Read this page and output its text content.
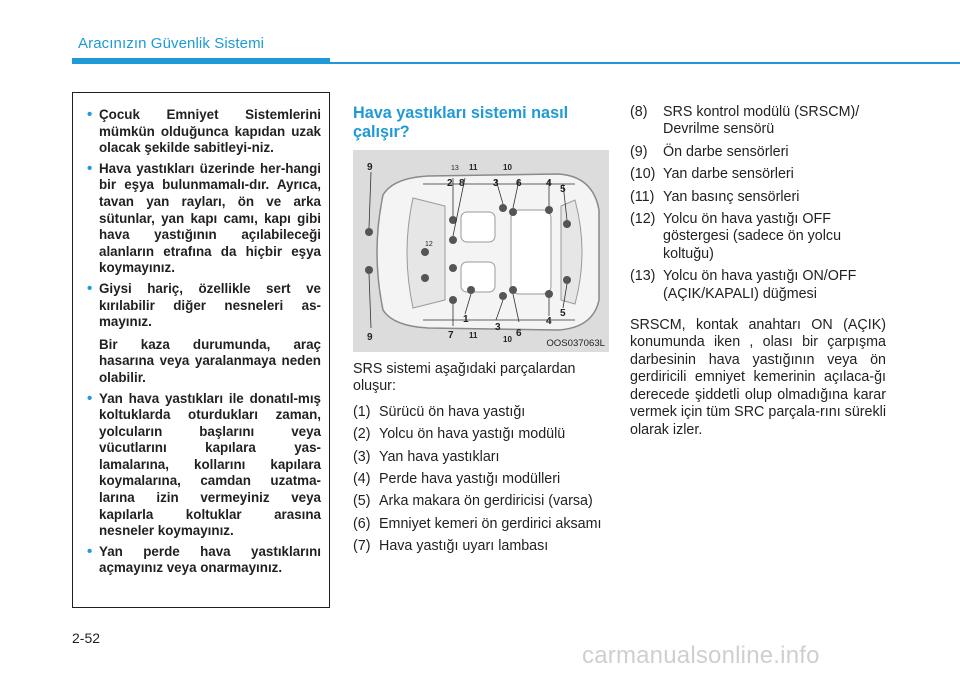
Aracınızın Güvenlik Sistemi
• Çocuk Emniyet Sistemlerini mümkün olduğunca kapıdan uzak olacak şekilde sabitleyi-niz.
• Hava yastıkları üzerinde her-hangi bir eşya bulunmamalı-dır. Ayrıca, tavan yan rayları, ön ve arka sütunlar, yan kapı camı, kapı gibi hava yastığının açılabileceği alanların etrafına da hiçbir eşya koymayınız.
• Giysi hariç, özellikle sert ve kırılabilir diğer nesneleri as-mayınız.
Bir kaza durumunda, araç hasarına veya yaralanmaya neden olabilir.
• Yan hava yastıkları ile donatıl-mış koltuklarda oturdukları zaman, yolcuların başlarını veya vücutlarını kapılara yas-lamalarına, kollarını kapılara koymalarına, camdan uzatma-larına izin vermeyiniz veya kapılarla koltuklar arasına nesneler koymayınız.
• Yan perde hava yastıklarını açmayınız veya onarmayınız.
Hava yastıkları sistemi nasıl çalışır?
9	13 11	10
2 8	3 6 4
5
12
1
7 11
3
10
6
4
5
9
OOS037063L

SRS sistemi aşağıdaki parçalardan oluşur:

(1) Sürücü ön hava yastığı
(2) Yolcu ön hava yastığı modülü
(3) Yan hava yastıkları
(4) Perde hava yastığı modülleri
(5) Arka makara ön gerdiricisi (varsa)
(6) Emniyet kemeri ön gerdirici aksamı
(7) Hava yastığı uyarı lambası
(8) SRS kontrol modülü (SRSCM)/ Devrilme sensörü
(9) Ön darbe sensörleri
(10) Yan darbe sensörleri
(11) Yan basınç sensörleri
(12) Yolcu ön hava yastığı OFF göstergesi (sadece ön yolcu koltuğu)
(13) Yolcu ön hava yastığı ON/OFF (AÇIK/KAPALI) düğmesi
SRSCM, kontak anahtarı ON (AÇIK) konumunda iken , olası bir çarpışma darbesinin hava yastığının veya ön gerdiricili emniyet kemerinin açılaca-ğı derecede şiddetli olup olmadığına karar vermek için tüm SRC parçala-rını sürekli olarak izler.
2-52
carmanualsonline.info
